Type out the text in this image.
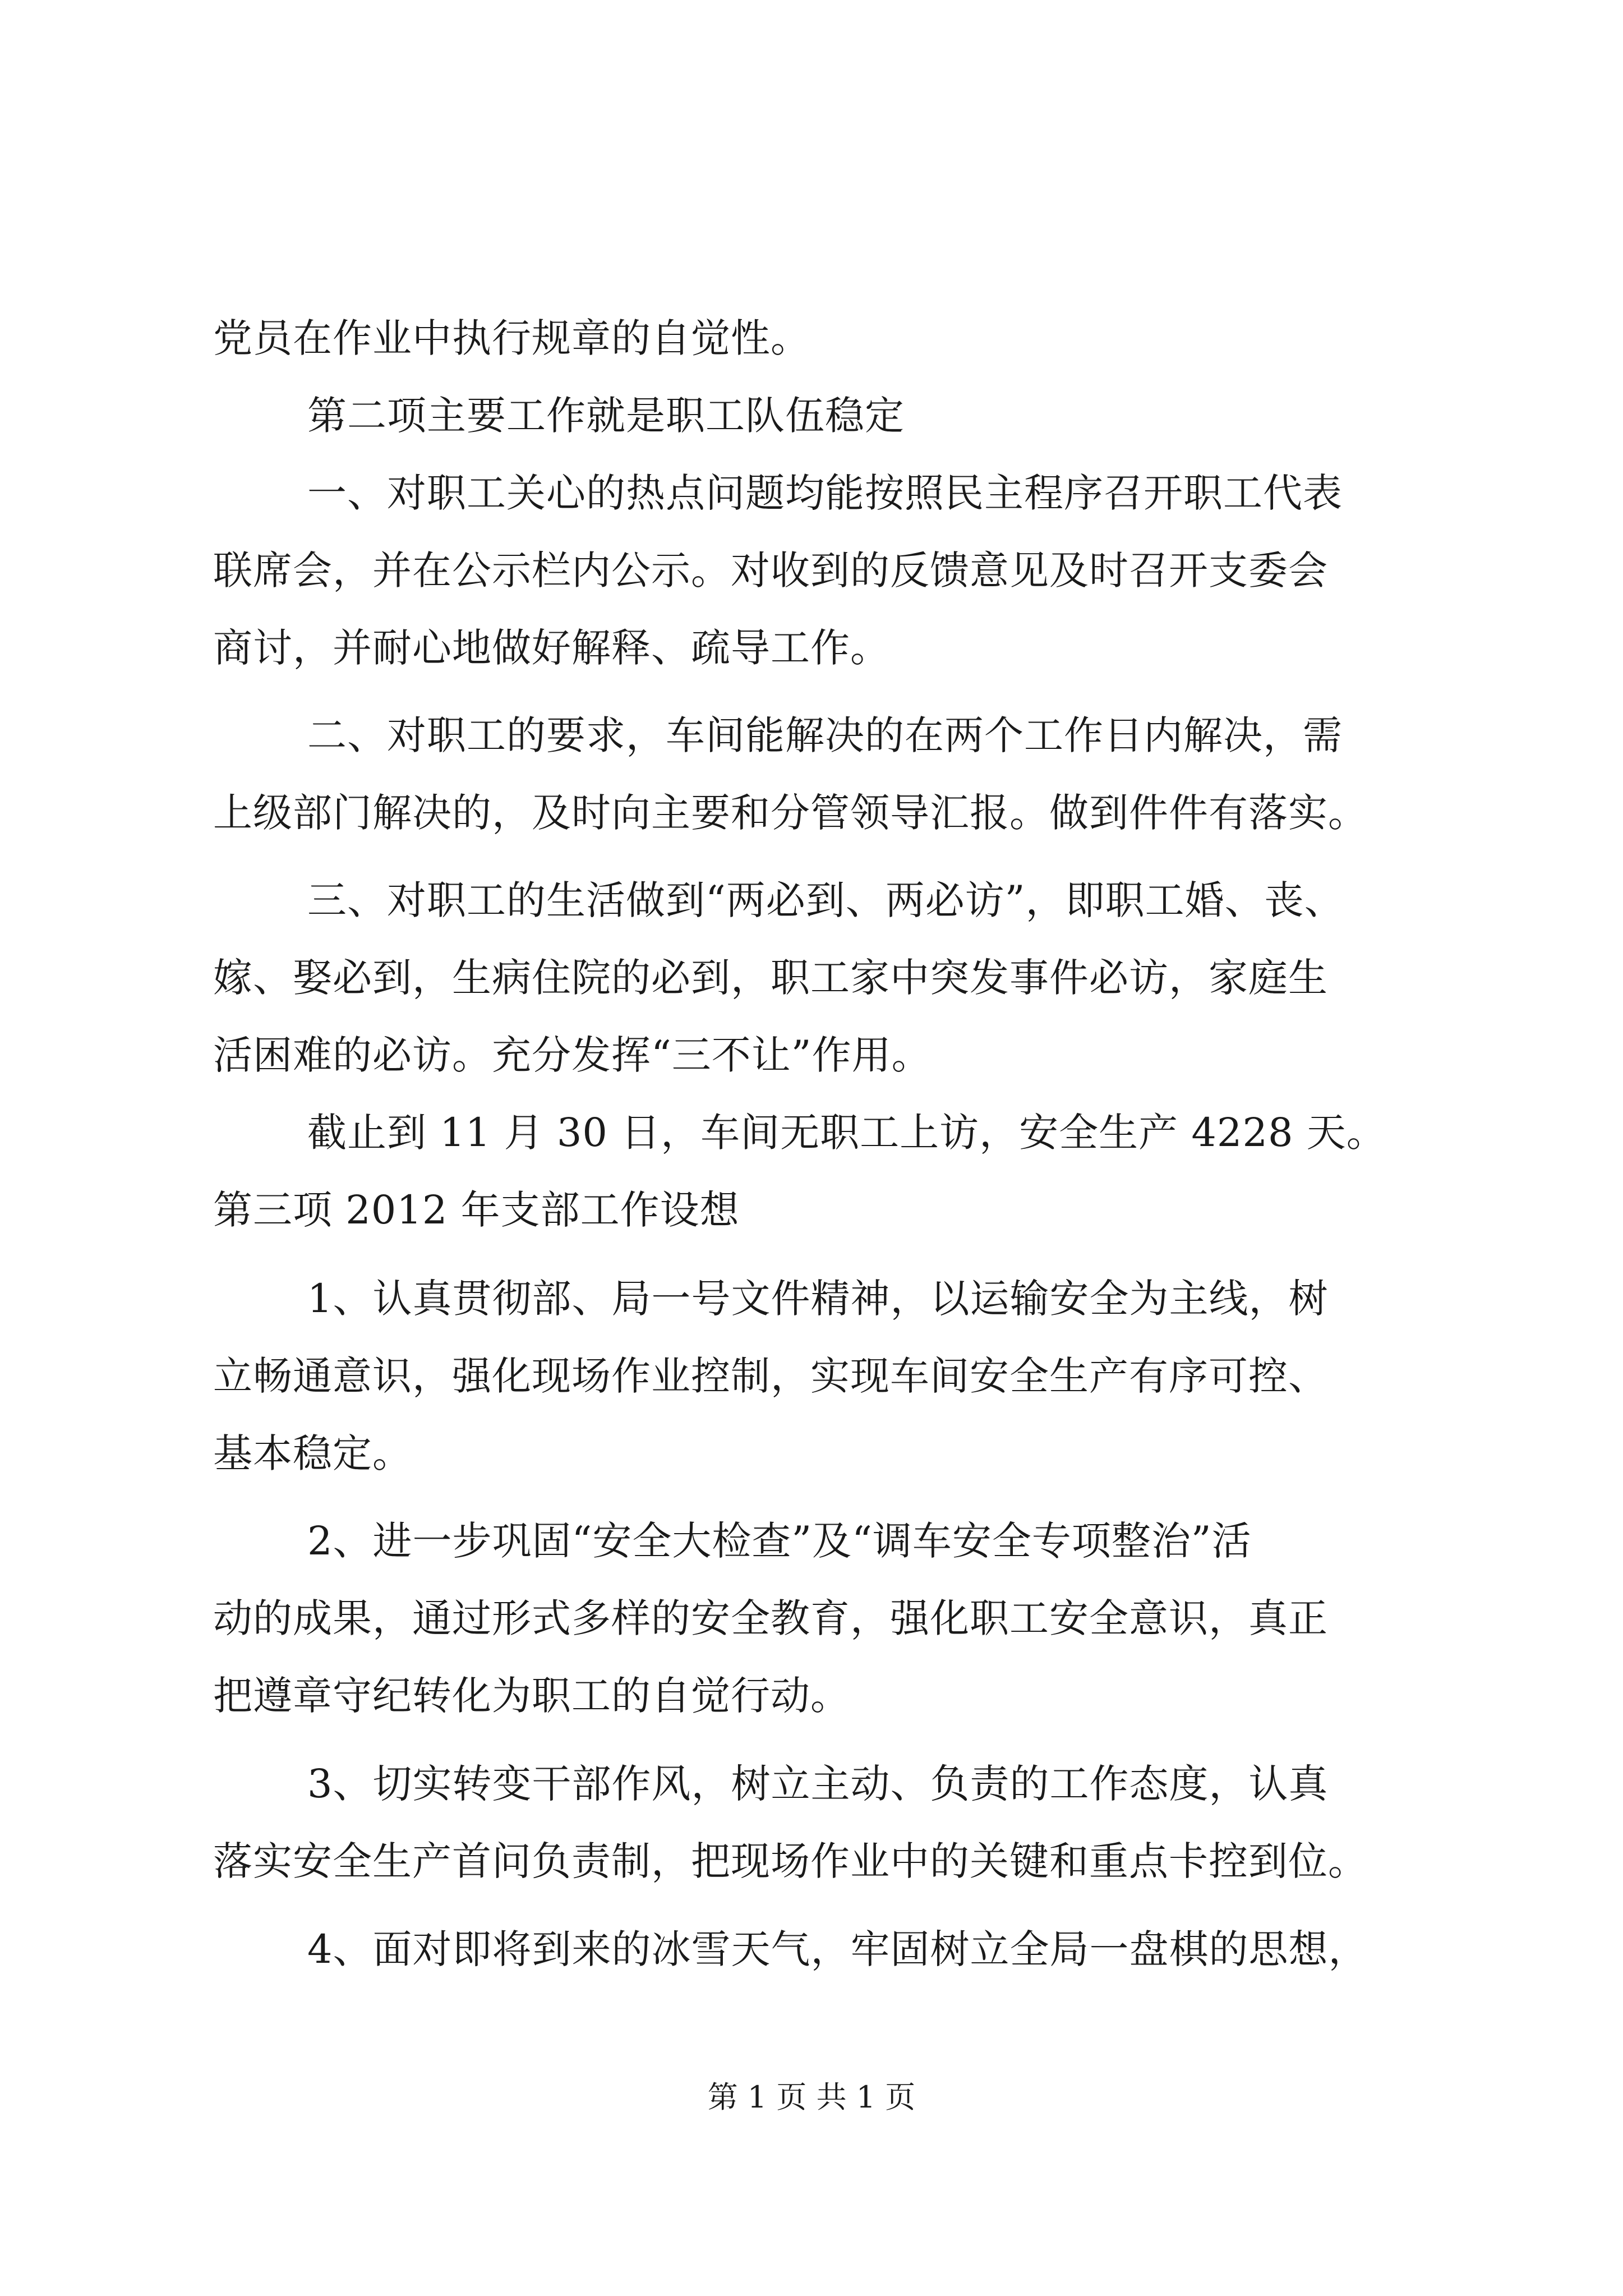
党员在作业中执行规章的自觉性。
第二项主要工作就是职工队伍稳定
一、对职工关心的热点问题均能按照民主程序召开职工代表
联席会，并在公示栏内公示。对收到的反馈意见及时召开支委会
商讨，并耐心地做好解释、疏导工作。
二、对职工的要求，车间能解决的在两个工作日内解决，需
上级部门解决的，及时向主要和分管领导汇报。做到件件有落实。
三、对职工的生活做到“两必到、两必访”，即职工婚、丧、
嫁、娶必到，生病住院的必到，职工家中突发事件必访，家庭生
活困难的必访。充分发挥“三不让”作用。
截止到 11 月 30 日，车间无职工上访，安全生产 4228 天。
第三项 2012 年支部工作设想
1、认真贯彻部、局一号文件精神，以运输安全为主线，树
立畅通意识，强化现场作业控制，实现车间安全生产有序可控、
基本稳定。
2、进一步巩固“安全大检查”及“调车安全专项整治”活
动的成果，通过形式多样的安全教育，强化职工安全意识，真正
把遵章守纪转化为职工的自觉行动。
3、切实转变干部作风，树立主动、负责的工作态度，认真
落实安全生产首问负责制，把现场作业中的关键和重点卡控到位。
4、面对即将到来的冰雪天气，牢固树立全局一盘棋的思想，
第 1 页 共 1 页
